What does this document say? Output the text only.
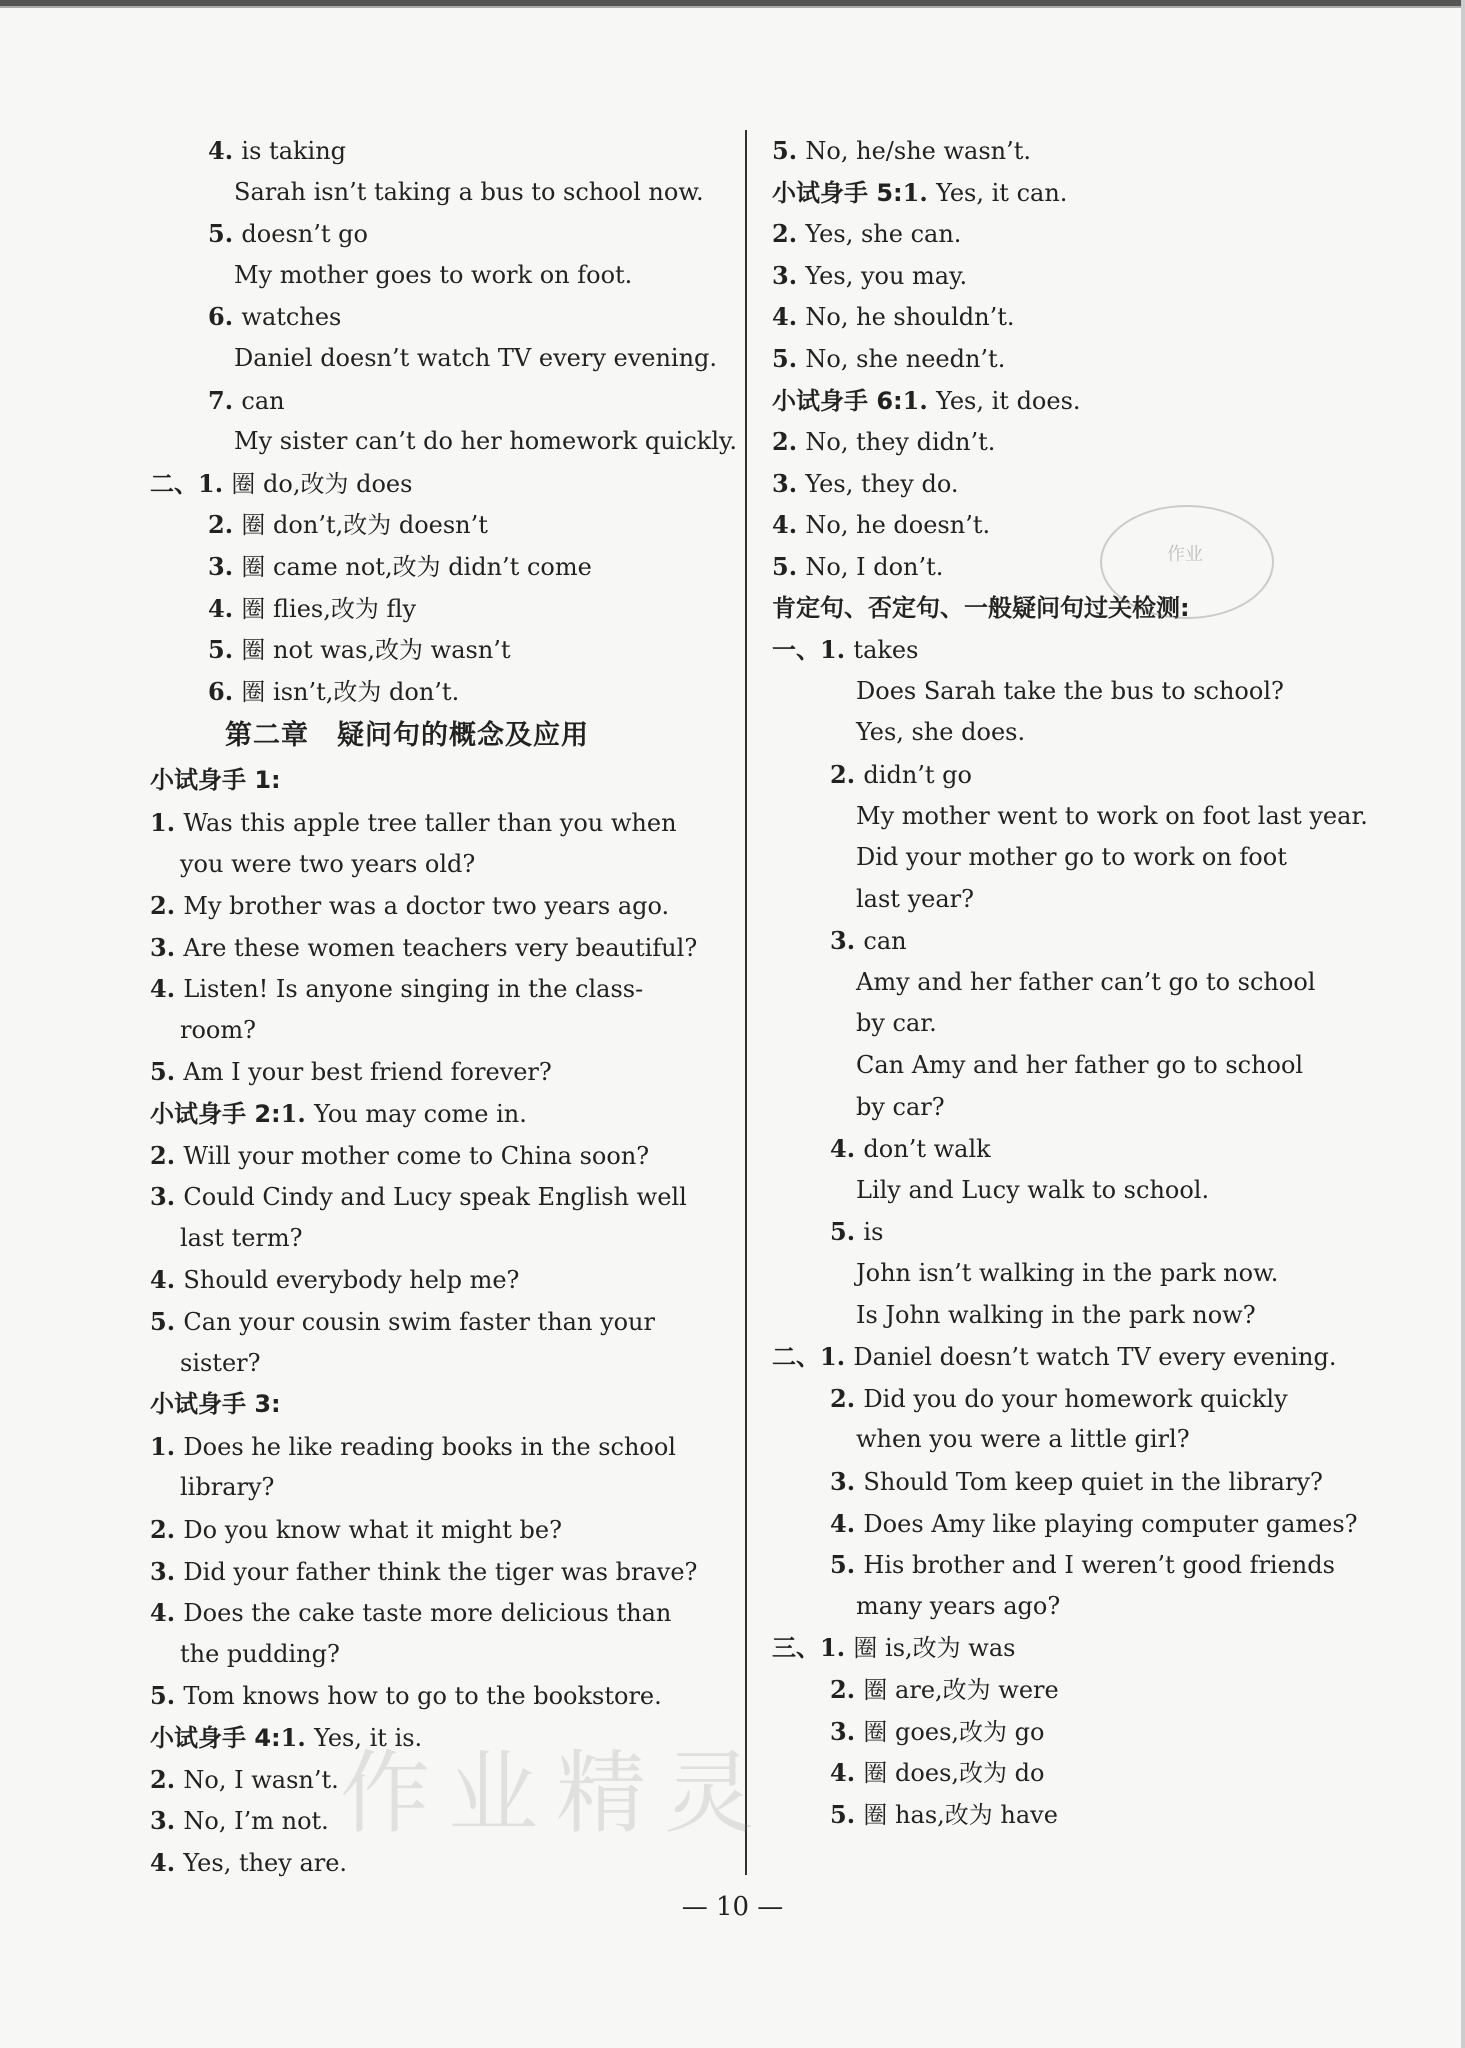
4. is taking
Sarah isn’t taking a bus to school now.
5. doesn’t go
My mother goes to work on foot.
6. watches
Daniel doesn’t watch TV every evening.
7. can
My sister can’t do her homework quickly.
二、1. 圈 do,改为 does
2. 圈 don’t,改为 doesn’t
3. 圈 came not,改为 didn’t come
4. 圈 flies,改为 fly
5. 圈 not was,改为 wasn’t
6. 圈 isn’t,改为 don’t.
第二章　疑问句的概念及应用
小试身手 1:
1. Was this apple tree taller than you when
you were two years old?
2. My brother was a doctor two years ago.
3. Are these women teachers very beautiful?
4. Listen! Is anyone singing in the class-
room?
5. Am I your best friend forever?
小试身手 2:1. You may come in.
2. Will your mother come to China soon?
3. Could Cindy and Lucy speak English well
last term?
4. Should everybody help me?
5. Can your cousin swim faster than your
sister?
小试身手 3:
1. Does he like reading books in the school
library?
2. Do you know what it might be?
3. Did your father think the tiger was brave?
4. Does the cake taste more delicious than
the pudding?
5. Tom knows how to go to the bookstore.
小试身手 4:1. Yes, it is.
2. No, I wasn’t.
3. No, I’m not.
4. Yes, they are.
5. No, he/she wasn’t.
小试身手 5:1. Yes, it can.
2. Yes, she can.
3. Yes, you may.
4. No, he shouldn’t.
5. No, she needn’t.
小试身手 6:1. Yes, it does.
2. No, they didn’t.
3. Yes, they do.
4. No, he doesn’t.
5. No, I don’t.
肯定句、否定句、一般疑问句过关检测:
一、1. takes
Does Sarah take the bus to school?
Yes, she does.
2. didn’t go
My mother went to work on foot last year.
Did your mother go to work on foot
last year?
3. can
Amy and her father can’t go to school
by car.
Can Amy and her father go to school
by car?
4. don’t walk
Lily and Lucy walk to school.
5. is
John isn’t walking in the park now.
Is John walking in the park now?
二、1. Daniel doesn’t watch TV every evening.
2. Did you do your homework quickly
when you were a little girl?
3. Should Tom keep quiet in the library?
4. Does Amy like playing computer games?
5. His brother and I weren’t good friends
many years ago?
三、1. 圈 is,改为 was
2. 圈 are,改为 were
3. 圈 goes,改为 go
4. 圈 does,改为 do
5. 圈 has,改为 have
作业
作业精灵
— 10 —
